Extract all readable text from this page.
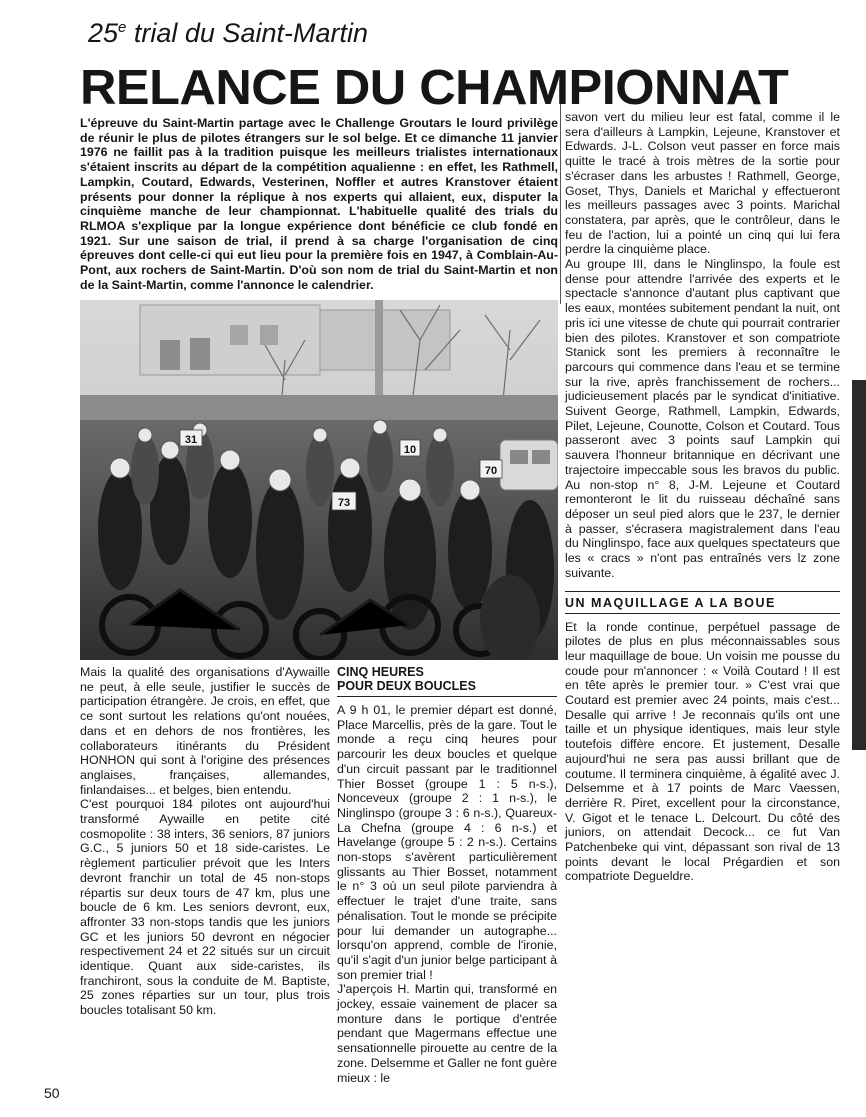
25e trial du Saint-Martin
RELANCE DU CHAMPIONNAT

L'épreuve du Saint-Martin partage avec le Challenge Groutars le lourd privilège de réunir le plus de pilotes étrangers sur le sol belge. Et ce dimanche 11 janvier 1976 ne faillit pas à la tradition puisque les meilleurs trialistes internationaux s'étaient inscrits au départ de la compétition aqualienne : en effet, les Rathmell, Lampkin, Coutard, Edwards, Vesterinen, Noffler et autres Kranstover étaient présents pour donner la réplique à nos experts qui allaient, eux, disputer la cinquième manche de leur championnat. L'habituelle qualité des trials du RLMOA s'explique par la longue expérience dont bénéficie ce club fondé en 1921. Sur une saison de trial, il prend à sa charge l'organisation de cinq épreuves dont celle-ci qui eut lieu pour la première fois en 1947, à Comblain-Au-Pont, aux rochers de Saint-Martin. D'où son nom de trial du Saint-Martin et non de la Saint-Martin, comme l'annonce le calendrier.

73
70
31
10

Mais la qualité des organisations d'Aywaille ne peut, à elle seule, justifier le succès de participation étrangère. Je crois, en effet, que ce sont surtout les relations qu'ont nouées, dans et en dehors de nos frontières, les collaborateurs itinérants du Président HONHON qui sont à l'origine des présences anglaises, françaises, allemandes, finlandaises... et belges, bien entendu.

C'est pourquoi 184 pilotes ont aujourd'hui transformé Aywaille en petite cité cosmopolite : 38 inters, 36 seniors, 87 juniors G.C., 5 juniors 50 et 18 side-caristes. Le règlement particulier prévoit que les Inters devront franchir un total de 45 non-stops répartis sur deux tours de 47 km, plus une boucle de 6 km. Les seniors devront, eux, affronter 33 non-stops tandis que les juniors GC et les juniors 50 devront en négocier respectivement 24 et 22 situés sur un circuit identique. Quant aux side-caristes, ils franchiront, sous la conduite de M. Baptiste, 25 zones réparties sur un tour, plus trois boucles totalisant 50 km.

CINQ HEURES
POUR DEUX BOUCLES

A 9 h 01, le premier départ est donné, Place Marcellis, près de la gare. Tout le monde a reçu cinq heures pour parcourir les deux boucles et quelque d'un circuit passant par le traditionnel Thier Bosset (groupe 1 : 5 n-s.), Nonceveux (groupe 2 : 1 n-s.), le Ninglinspo (groupe 3 : 6 n-s.), Quareux-La Chefna (groupe 4 : 6 n-s.) et Havelange (groupe 5 : 2 n-s.). Certains non-stops s'avèrent particulièrement glissants au Thier Bosset, notamment le n° 3 où un seul pilote parviendra à effectuer le trajet d'une traite, sans pénalisation. Tout le monde se précipite pour lui demander un autographe... lorsqu'on apprend, comble de l'ironie, qu'il s'agit d'un junior belge participant à son premier trial !

J'aperçois H. Martin qui, transformé en jockey, essaie vainement de placer sa monture dans le portique d'entrée pendant que Magermans effectue une sensationnelle pirouette au centre de la zone. Delsemme et Galler ne font guère mieux : le

savon vert du milieu leur est fatal, comme il le sera d'ailleurs à Lampkin, Lejeune, Kranstover et Edwards. J-L. Colson veut passer en force mais quitte le tracé à trois mètres de la sortie pour s'écraser dans les arbustes ! Rathmell, George, Goset, Thys, Daniels et Marichal y effectueront les meilleurs passages avec 3 points. Marichal constatera, par après, que le contrôleur, dans le feu de l'action, lui a pointé un cinq qui lui fera perdre la cinquième place.

Au groupe III, dans le Ninglinspo, la foule est dense pour attendre l'arrivée des experts et le spectacle s'annonce d'autant plus captivant que les eaux, montées subitement pendant la nuit, ont pris ici une vitesse de chute qui pourrait contrarier bien des pilotes. Kranstover et son compatriote Stanick sont les premiers à reconnaître le parcours qui commence dans l'eau et se termine sur la rive, après franchissement de rochers... judicieusement placés par le syndicat d'initiative. Suivent George, Rathmell, Lampkin, Edwards, Pilet, Lejeune, Counotte, Colson et Coutard. Tous passeront avec 3 points sauf Lampkin qui sauvera l'honneur britannique en décrivant une trajectoire impeccable sous les bravos du public. Au non-stop n° 8, J-M. Lejeune et Coutard remonteront le lit du ruisseau déchaîné sans déposer un seul pied alors que le 237, le dernier à passer, s'écrasera magistralement dans l'eau du Ninglinspo, face aux quelques spectateurs que les « cracs » n'ont pas entraînés vers lz zone suivante.

UN MAQUILLAGE A LA BOUE

Et la ronde continue, perpétuel passage de pilotes de plus en plus méconnaissables sous leur maquillage de boue. Un voisin me pousse du coude pour m'annoncer : « Voilà Coutard ! Il est en tête après le premier tour. » C'est vrai que Coutard est premier avec 24 points, mais c'est... Desalle qui arrive ! Je reconnais qu'ils ont une taille et un physique identiques, mais leur style toutefois diffère encore. Et justement, Desalle aujourd'hui ne sera pas aussi brillant que de coutume. Il terminera cinquième, à égalité avec J. Delsemme et à 17 points de Marc Vaessen, derrière R. Piret, excellent pour la circonstance, V. Gigot et le tenace L. Delcourt. Du côté des juniors, on attendait Decock... ce fut Van Patchenbeke qui vint, dépassant son rival de 13 points devant le local Prégardien et son compatriote Degueldre.

50
